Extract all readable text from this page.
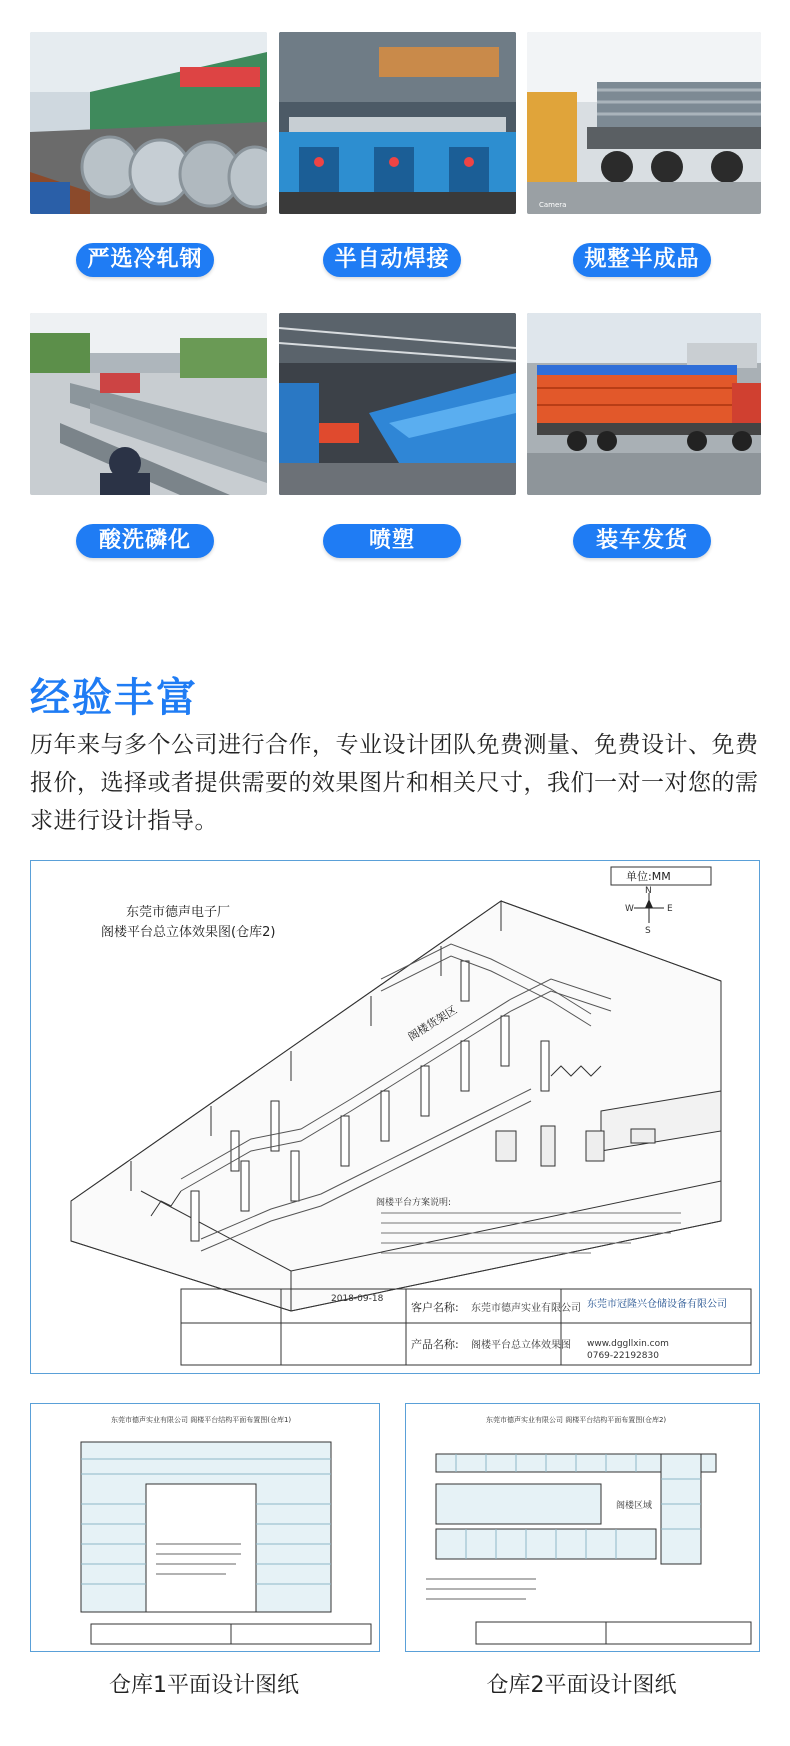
Camera
严选冷轧钢	半自动焊接	规整半成品
酸洗磷化	喷塑	装车发货
经验丰富
历年来与多个公司进行合作，专业设计团队免费测量、免费设计、免费报价，选择或者提供需要的效果图片和相关尺寸，我们一对一对您的需求进行设计指导。
阁楼货架区
东莞市德声电子厂
阁楼平台总立体效果图(仓库2)
单位:MM
N
S
E
W
阁楼平台方案说明:
客户名称: 东莞市德声实业有限公司
产品名称: 阁楼平台总立体效果图
东莞市冠隆兴仓储设备有限公司
www.dggllxin.com
0769-22192830
2018-09-18
东莞市德声实业有限公司 阁楼平台结构平面布置图(仓库1)
仓库1平面设计图纸
东莞市德声实业有限公司 阁楼平台结构平面布置图(仓库2)
阁楼区域
仓库2平面设计图纸
